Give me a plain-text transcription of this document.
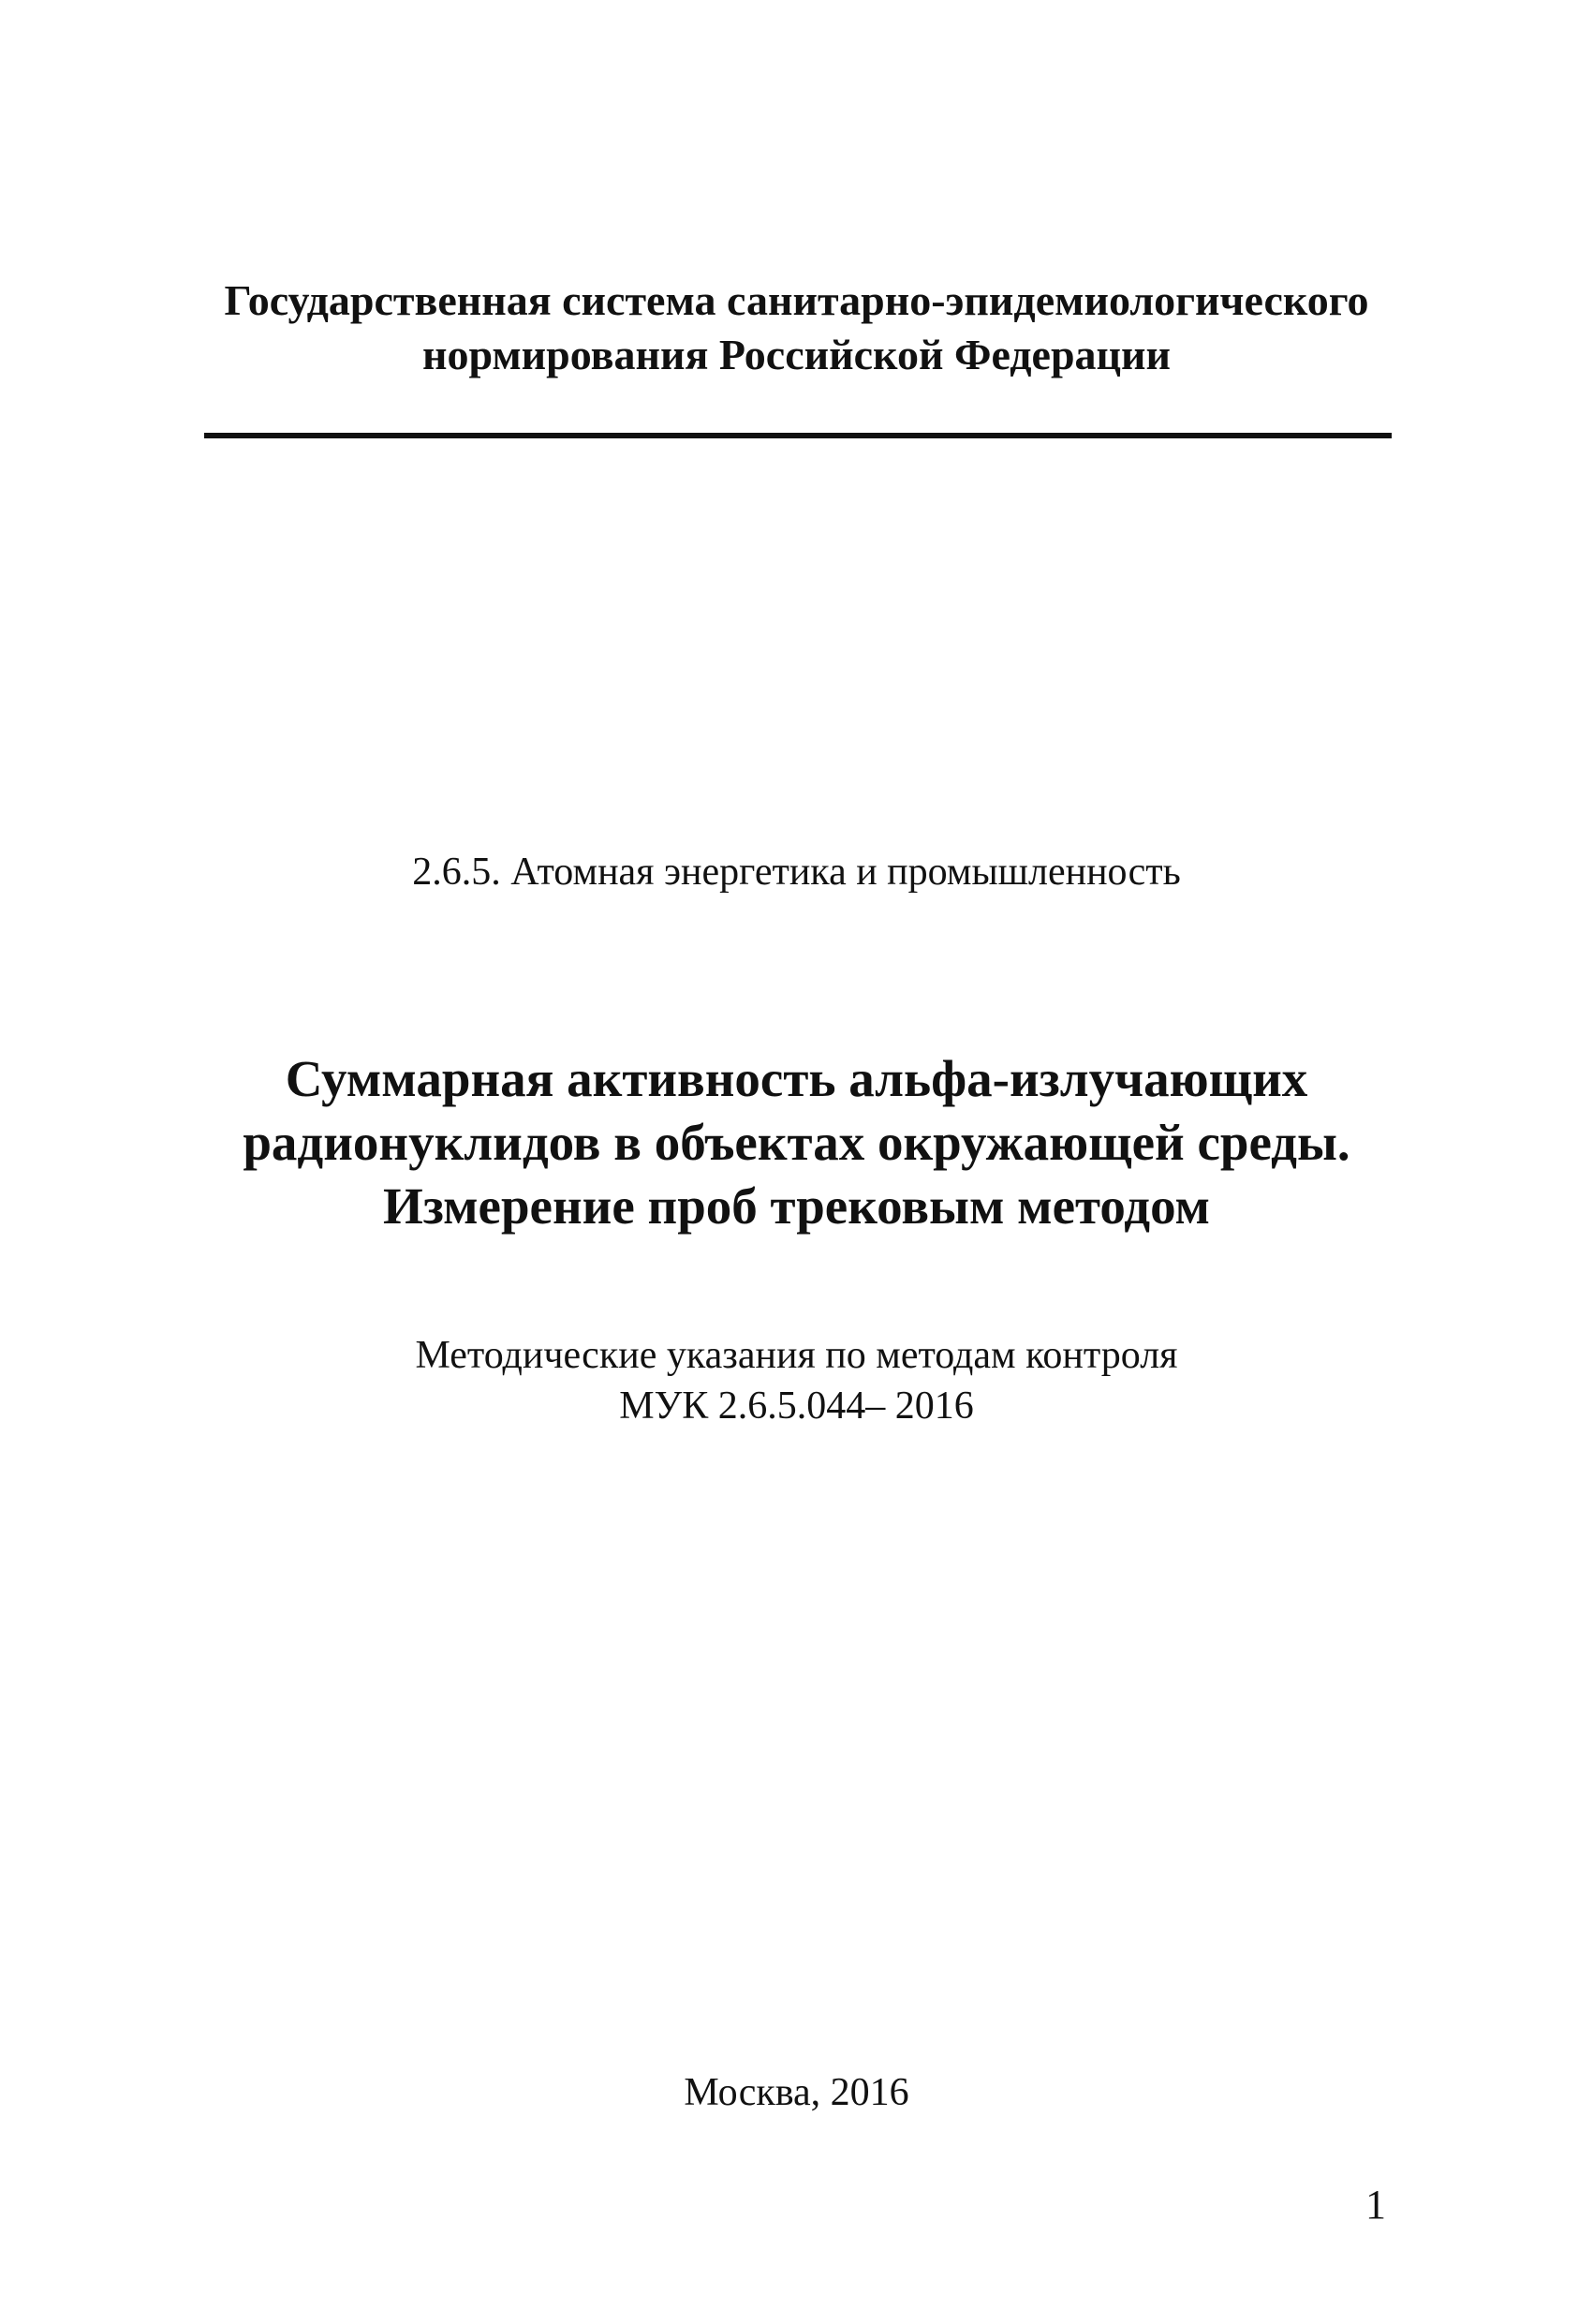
Государственная система санитарно-эпидемиологического
нормирования Российской Федерации
2.6.5. Атомная энергетика и промышленность
Суммарная активность альфа-излучающих
радионуклидов в объектах окружающей среды.
Измерение проб трековым методом
Методические указания по методам контроля
МУК 2.6.5.044– 2016
Москва, 2016
1
